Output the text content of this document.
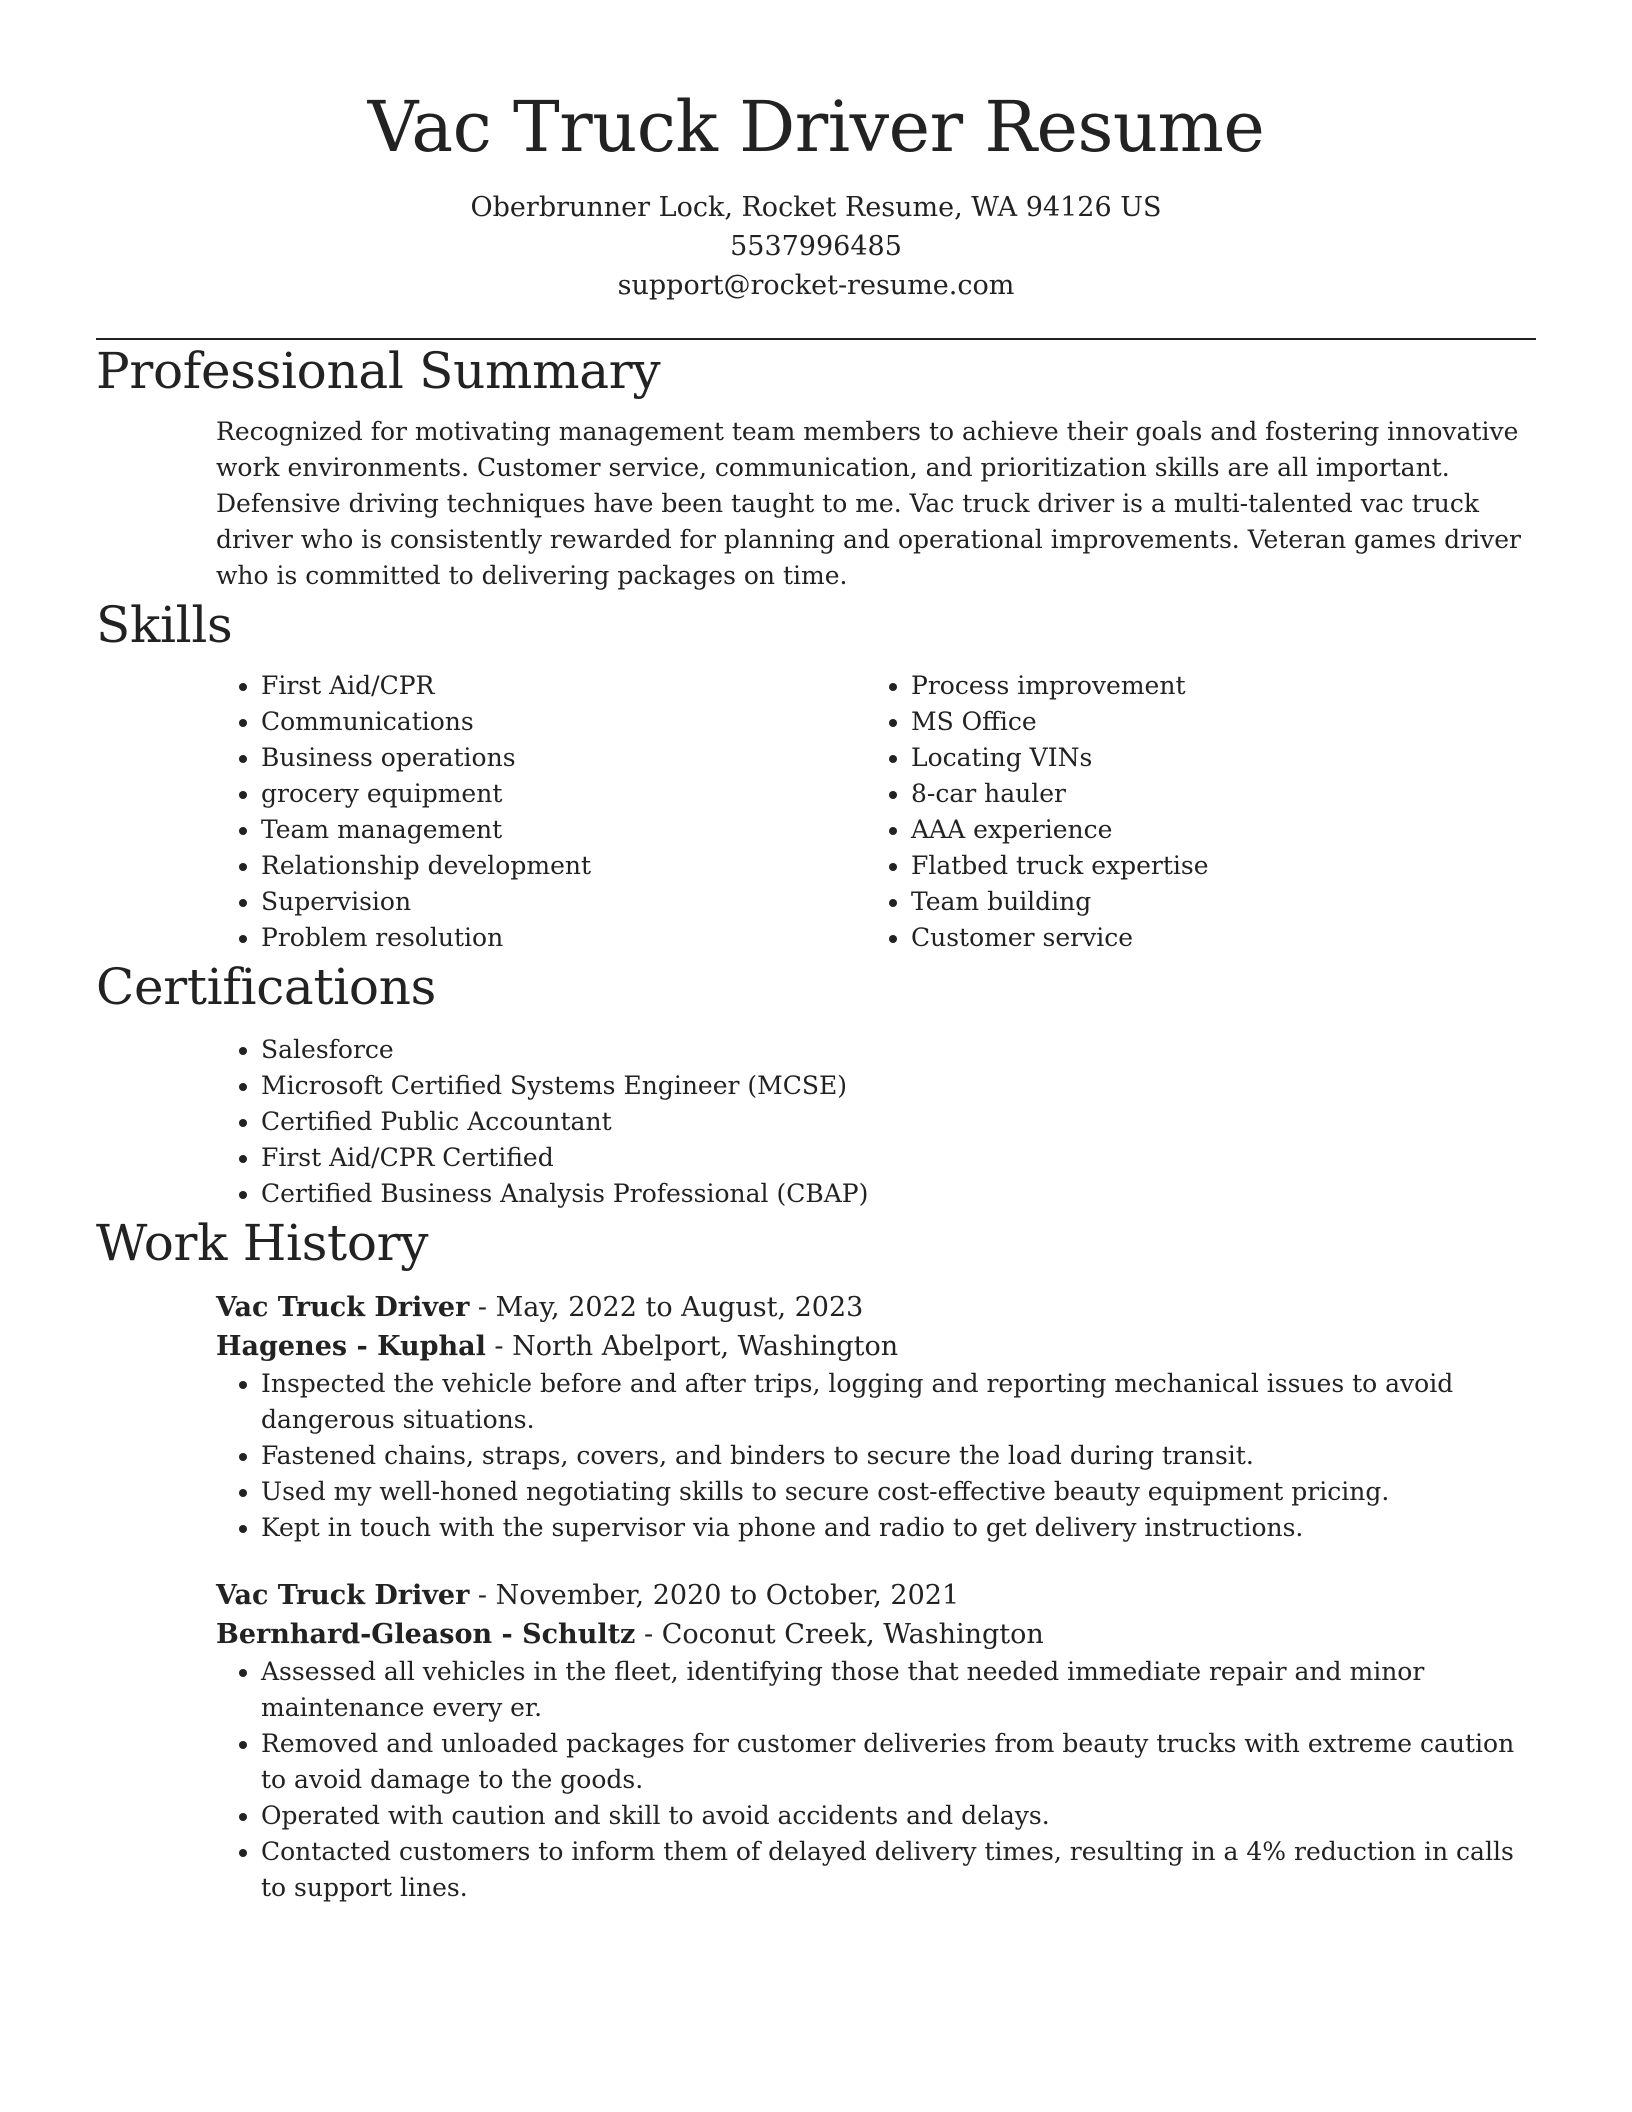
Vac Truck Driver Resume
Oberbrunner Lock, Rocket Resume, WA 94126 US
5537996485
support@rocket-resume.com
Professional Summary

Recognized for motivating management team members to achieve their goals and fostering innovative work environments. Customer service, communication, and prioritization skills are all important. Defensive driving techniques have been taught to me. Vac truck driver is a multi-talented vac truck driver who is consistently rewarded for planning and operational improvements. Veteran games driver who is committed to delivering packages on time.

Skills
• First Aid/CPR
• Communications
• Business operations
• grocery equipment
• Team management
• Relationship development
• Supervision
• Problem resolution
• Process improvement
• MS Office
• Locating VINs
• 8-car hauler
• AAA experience
• Flatbed truck expertise
• Team building
• Customer service
Certifications
• Salesforce
• Microsoft Certified Systems Engineer (MCSE)
• Certified Public Accountant
• First Aid/CPR Certified
• Certified Business Analysis Professional (CBAP)
Work History
Vac Truck Driver - May, 2022 to August, 2023
Hagenes - Kuphal - North Abelport, Washington
• Inspected the vehicle before and after trips, logging and reporting mechanical issues to avoid dangerous situations.
• Fastened chains, straps, covers, and binders to secure the load during transit.
• Used my well-honed negotiating skills to secure cost-effective beauty equipment pricing.
• Kept in touch with the supervisor via phone and radio to get delivery instructions.
Vac Truck Driver - November, 2020 to October, 2021
Bernhard-Gleason - Schultz - Coconut Creek, Washington
• Assessed all vehicles in the fleet, identifying those that needed immediate repair and minor maintenance every er.
• Removed and unloaded packages for customer deliveries from beauty trucks with extreme caution to avoid damage to the goods.
• Operated with caution and skill to avoid accidents and delays.
• Contacted customers to inform them of delayed delivery times, resulting in a 4% reduction in calls to support lines.
